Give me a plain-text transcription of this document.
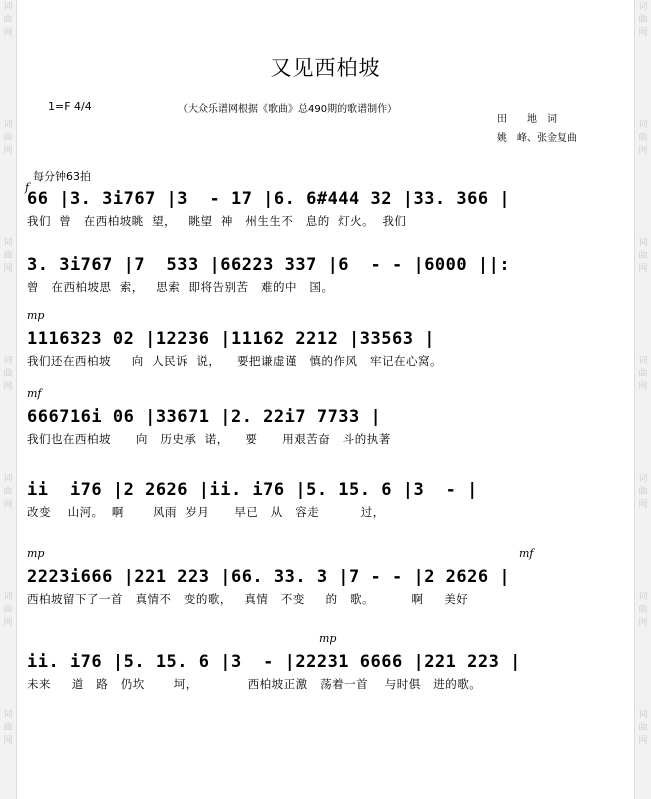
词
曲
网
词
曲
网
词
曲
网
词
曲
网
词
曲
网
词
曲
网
词
曲
网
词
曲
网
词
曲
网
词
曲
网
词
曲
网
词
曲
网
词
曲
网
词
曲
网
又见西柏坡
1=F 4/4	（大众乐谱网根据《歌曲》总490期的歌谱制作）
田　　地　词
姚　峰、张金复曲
每分钟63拍
f
66 |3. 3i767 |3  - 17 |6. 6#444 32 |33. 366 |
我们  曾   在西柏坡眺  望，   眺望  神   州生生不   息的  灯火。  我们
3. 3i767 |7  533 |66223 337 |6  - - |6000 ||:
曾   在西柏坡思  索，   思索  即将告别苦   难的中   国。
mp
1116323 02 |12236 |11162 2212 |33563 |
我们还在西柏坡     向  人民诉  说，    要把谦虚谨   慎的作风   牢记在心窝。
mf
666716i 06 |33671 |2. 22i7 7733 |
我们也在西柏坡      向   历史承  诺，    要      用艰苦奋   斗的执著
ii  i76 |2 2626 |ii. i76 |5. 15. 6 |3  - |
改变    山河。  啊       风雨  岁月      早已   从   容走          过，
mp	mf
2223i666 |221 223 |66. 33. 3 |7 - - |2 2626 |
西柏坡留下了一首   真情不   变的歌，   真情   不变     的   歌。         啊     美好
mp
ii. i76 |5. 15. 6 |3  - |22231 6666 |221 223 |
未来     道   路   仍坎       坷，            西柏坡正激   荡着一首    与时俱   进的歌。
